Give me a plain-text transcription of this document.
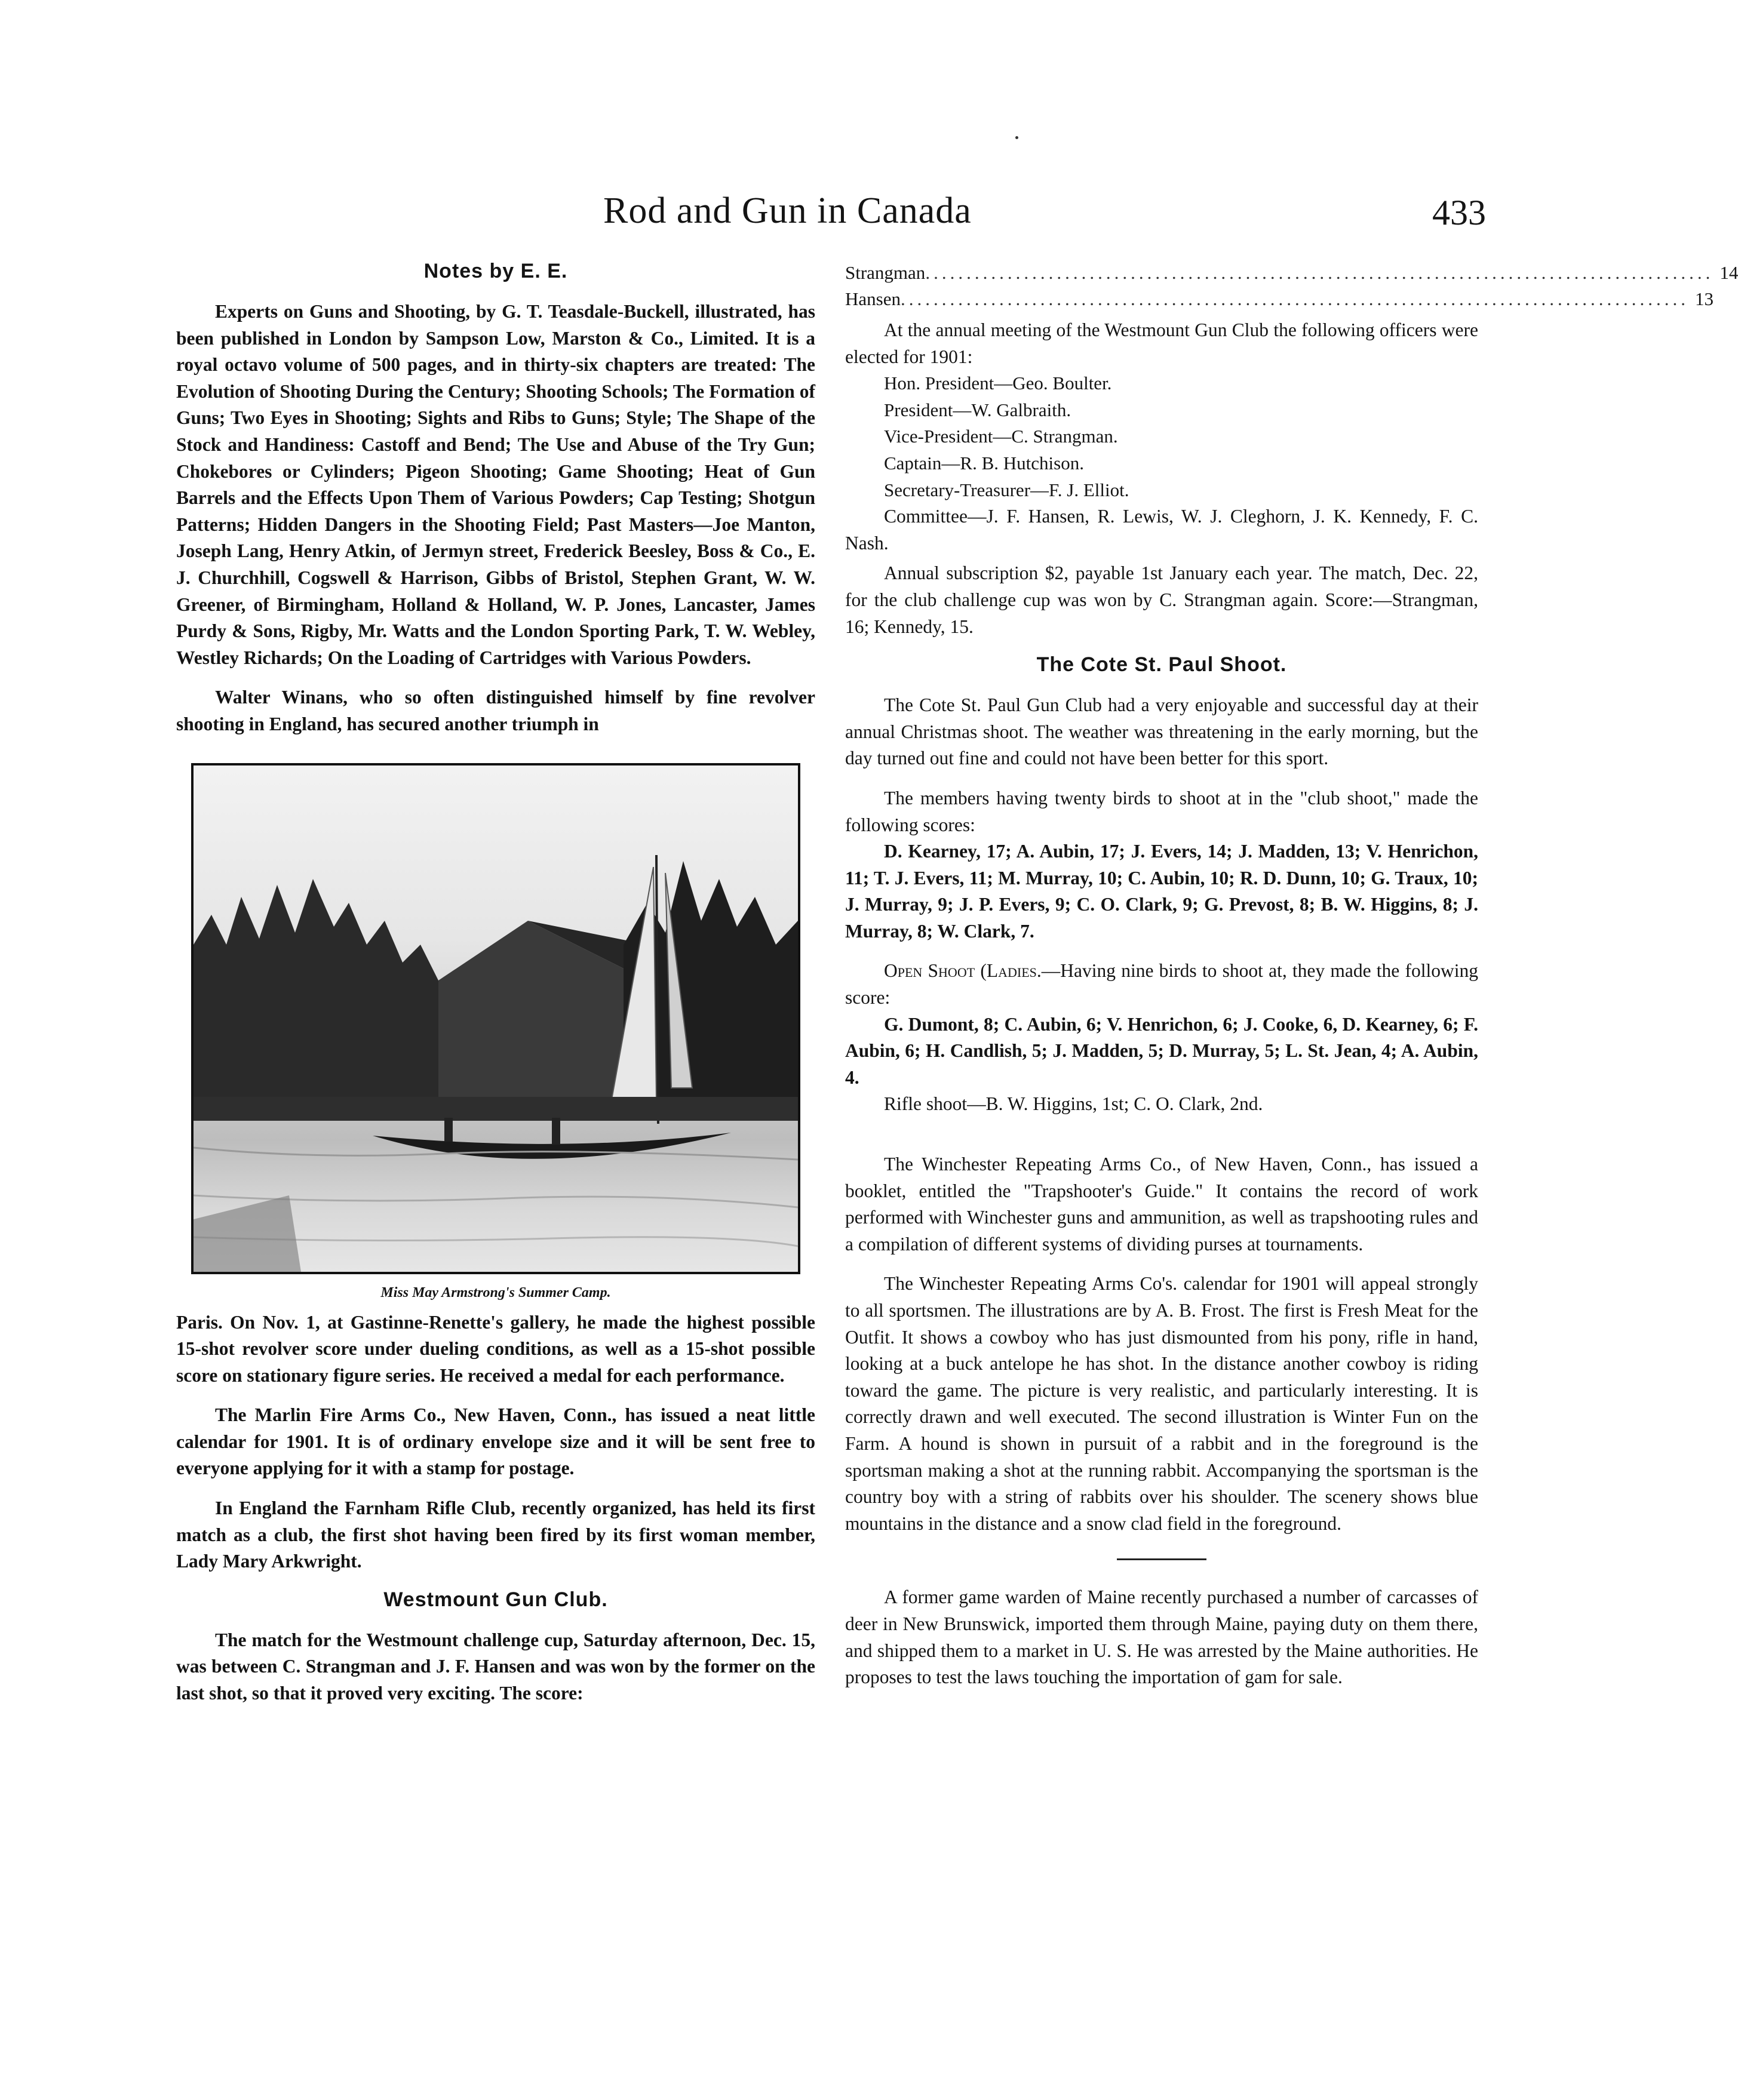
Rod and Gun in Canada	433
Notes by E. E.

Experts on Guns and Shooting, by G. T. Teasdale-Buckell, illustrated, has been published in London by Sampson Low, Marston & Co., Limited. It is a royal octavo volume of 500 pages, and in thirty-six chapters are treated: The Evolution of Shooting During the Century; Shooting Schools; The Formation of Guns; Two Eyes in Shooting; Sights and Ribs to Guns; Style; The Shape of the Stock and Handiness: Castoff and Bend; The Use and Abuse of the Try Gun; Chokebores or Cylinders; Pigeon Shooting; Game Shooting; Heat of Gun Barrels and the Effects Upon Them of Various Powders; Cap Testing; Shotgun Patterns; Hidden Dangers in the Shooting Field; Past Masters—Joe Manton, Joseph Lang, Henry Atkin, of Jermyn street, Frederick Beesley, Boss & Co., E. J. Churchhill, Cogswell & Harrison, Gibbs of Bristol, Stephen Grant, W. W. Greener, of Birmingham, Holland & Holland, W. P. Jones, Lancaster, James Purdy & Sons, Rigby, Mr. Watts and the London Sporting Park, T. W. Webley, Westley Richards; On the Loading of Cartridges with Various Powders.

Walter Winans, who so often distinguished himself by fine revolver shooting in England, has secured another triumph in

Miss May Armstrong's Summer Camp.

Paris. On Nov. 1, at Gastinne-Renette's gallery, he made the highest possible 15-shot revolver score under dueling conditions, as well as a 15-shot possible score on stationary figure series. He received a medal for each performance.

The Marlin Fire Arms Co., New Haven, Conn., has issued a neat little calendar for 1901. It is of ordinary envelope size and it will be sent free to everyone applying for it with a stamp for postage.

In England the Farnham Rifle Club, recently organized, has held its first match as a club, the first shot having been fired by its first woman member, Lady Mary Arkwright.

Westmount Gun Club.

The match for the Westmount challenge cup, Saturday afternoon, Dec. 15, was between C. Strangman and J. F. Hansen and was won by the former on the last shot, so that it proved very exciting. The score:

Strangman ................................................................................................ 14
Hansen ................................................................................................ 13

At the annual meeting of the Westmount Gun Club the following officers were elected for 1901:

Hon. President—Geo. Boulter.
President—W. Galbraith.
Vice-President—C. Strangman.
Captain—R. B. Hutchison.
Secretary-Treasurer—F. J. Elliot.

Committee—J. F. Hansen, R. Lewis, W. J. Cleghorn, J. K. Kennedy, F. C. Nash.

Annual subscription $2, payable 1st January each year. The match, Dec. 22, for the club challenge cup was won by C. Strangman again. Score:—Strangman, 16; Kennedy, 15.

The Cote St. Paul Shoot.

The Cote St. Paul Gun Club had a very enjoyable and successful day at their annual Christmas shoot. The weather was threatening in the early morning, but the day turned out fine and could not have been better for this sport.

The members having twenty birds to shoot at in the "club shoot," made the following scores:

D. Kearney, 17; A. Aubin, 17; J. Evers, 14; J. Madden, 13; V. Henrichon, 11; T. J. Evers, 11; M. Murray, 10; C. Aubin, 10; R. D. Dunn, 10; G. Traux, 10; J. Murray, 9; J. P. Evers, 9; C. O. Clark, 9; G. Prevost, 8; B. W. Higgins, 8; J. Murray, 8; W. Clark, 7.

Open Shoot (Ladies.—Having nine birds to shoot at, they made the following score:

G. Dumont, 8; C. Aubin, 6; V. Henrichon, 6; J. Cooke, 6, D. Kearney, 6; F. Aubin, 6; H. Candlish, 5; J. Madden, 5; D. Murray, 5; L. St. Jean, 4; A. Aubin, 4.

Rifle shoot—B. W. Higgins, 1st; C. O. Clark, 2nd.

The Winchester Repeating Arms Co., of New Haven, Conn., has issued a booklet, entitled the "Trapshooter's Guide." It contains the record of work performed with Winchester guns and ammunition, as well as trapshooting rules and a compilation of different systems of dividing purses at tournaments.

The Winchester Repeating Arms Co's. calendar for 1901 will appeal strongly to all sportsmen. The illustrations are by A. B. Frost. The first is Fresh Meat for the Outfit. It shows a cowboy who has just dismounted from his pony, rifle in hand, looking at a buck antelope he has shot. In the distance another cowboy is riding toward the game. The picture is very realistic, and particularly interesting. It is correctly drawn and well executed. The second illustration is Winter Fun on the Farm. A hound is shown in pursuit of a rabbit and in the foreground is the sportsman making a shot at the running rabbit. Accompanying the sportsman is the country boy with a string of rabbits over his shoulder. The scenery shows blue mountains in the distance and a snow clad field in the foreground.

A former game warden of Maine recently purchased a number of carcasses of deer in New Brunswick, imported them through Maine, paying duty on them there, and shipped them to a market in U. S. He was arrested by the Maine authorities. He proposes to test the laws touching the importation of gam for sale.
